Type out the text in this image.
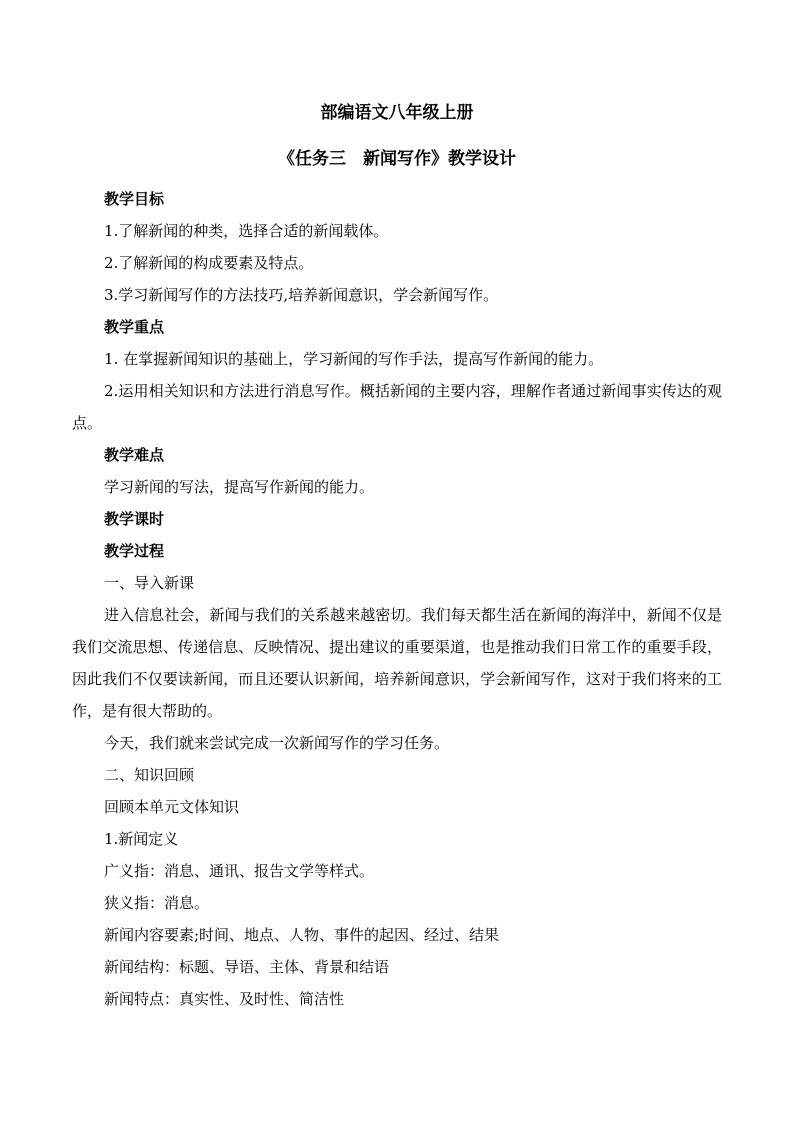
部编语文八年级上册

《任务三　新闻写作》教学设计

教学目标

1.了解新闻的种类，选择合适的新闻载体。

2.了解新闻的构成要素及特点。

3.学习新闻写作的方法技巧,培养新闻意识，学会新闻写作。

教学重点

1. 在掌握新闻知识的基础上，学习新闻的写作手法，提高写作新闻的能力。

2.运用相关知识和方法进行消息写作。概括新闻的主要内容，理解作者通过新闻事实传达的观点。

教学难点

学习新闻的写法，提高写作新闻的能力。

教学课时

教学过程

一、导入新课

进入信息社会，新闻与我们的关系越来越密切。我们每天都生活在新闻的海洋中，新闻不仅是我们交流思想、传递信息、反映情况、提出建议的重要渠道，也是推动我们日常工作的重要手段，因此我们不仅要读新闻，而且还要认识新闻，培养新闻意识，学会新闻写作，这对于我们将来的工作，是有很大帮助的。

今天，我们就来尝试完成一次新闻写作的学习任务。

二、知识回顾

回顾本单元文体知识

1.新闻定义

广义指：消息、通讯、报告文学等样式。

狭义指：消息。

新闻内容要素;时间、地点、人物、事件的起因、经过、结果

新闻结构：标题、导语、主体、背景和结语

新闻特点：真实性、及时性、简洁性
